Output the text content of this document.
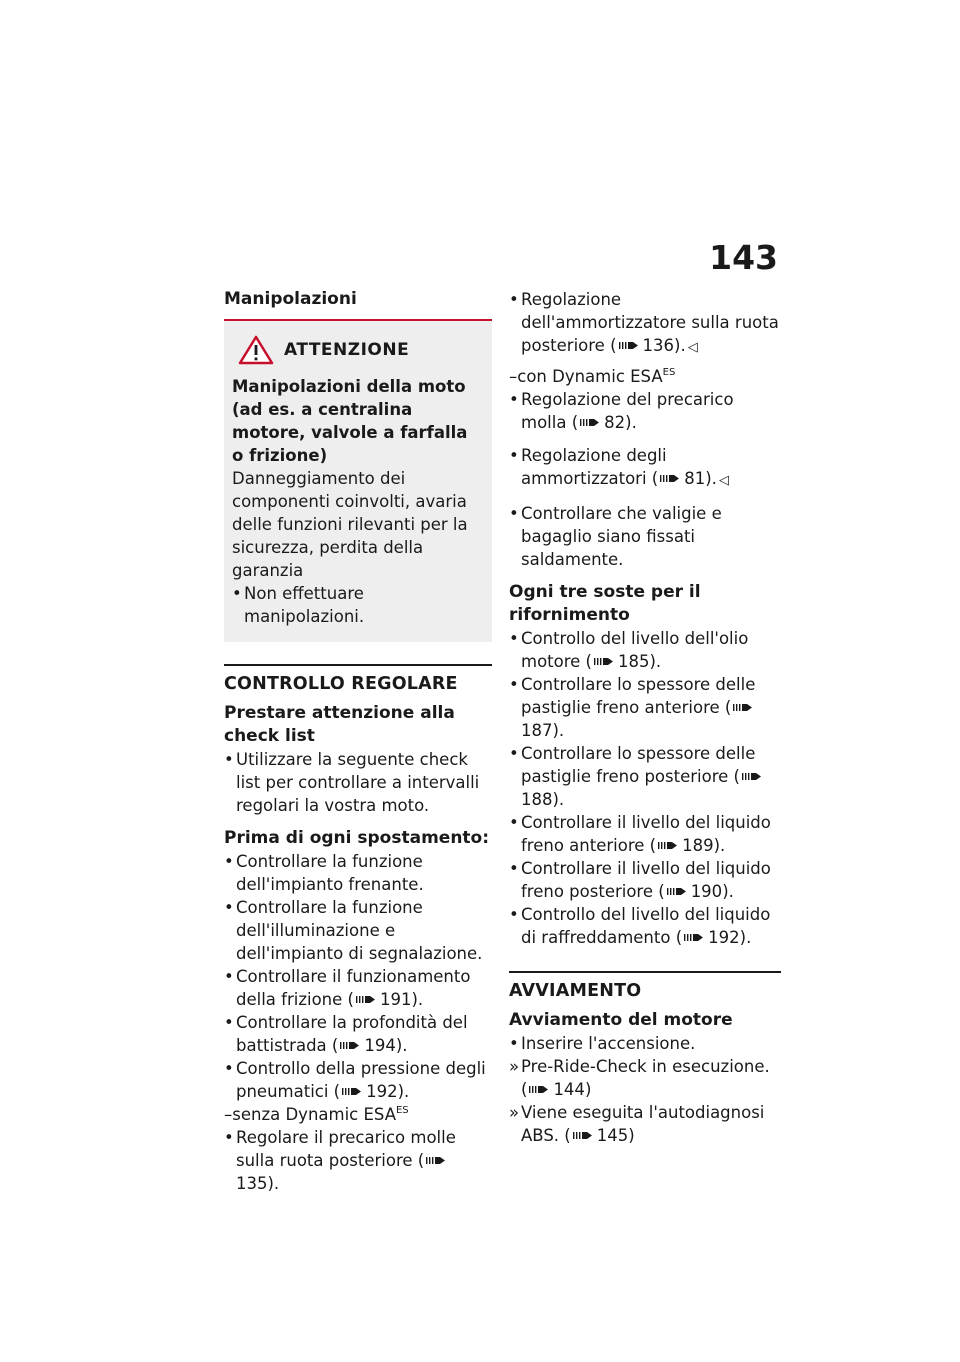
143

Manipolazioni

ATTENZIONE
Manipolazioni della moto (ad es. a centralina motore, valvole a farfalla o frizione)
Danneggiamento dei componenti coinvolti, avaria delle funzioni rilevanti per la sicurezza, perdita della garanzia
• Non effettuare manipolazioni.

CONTROLLO REGOLARE

Prestare attenzione alla check list

• Utilizzare la seguente check list per controllare a intervalli regolari la vostra moto.

Prima di ogni spostamento:

• Controllare la funzione dell'impianto frenante.
• Controllare la funzione dell'illuminazione e dell'impianto di segnalazione.
• Controllare il funzionamento della frizione ( 191).
• Controllare la profondità del battistrada ( 194).
• Controllo della pressione degli pneumatici ( 192).
–senza Dynamic $ESA^{ES}$
• Regolare il precarico molle sulla ruota posteriore (135).
• Regolazione dell'ammortizzatore sulla ruota posteriore ( 136). ◁
–con Dynamic $ESA^{ES}$
• Regolazione del precarico molla ( 82).
• Regolazione degli ammortizzatori ( 81). ◁
• Controllare che valigie e bagaglio siano fissati saldamente.

Ogni tre soste per il rifornimento

• Controllo del livello dell'olio motore ( 185).
• Controllare lo spessore delle pastiglie freno anteriore (187).
• Controllare lo spessore delle pastiglie freno posteriore (188).
• Controllare il livello del liquido freno anteriore ( 189).
• Controllare il livello del liquido freno posteriore ( 190).
• Controllo del livello del liquido di raffreddamento ( 192).

AVVIAMENTO

Avviamento del motore

• Inserire l'accensione.
» Pre-Ride-Check in esecuzione. ( 144)
» Viene eseguita l'autodiagnosi ABS. ( 145)
